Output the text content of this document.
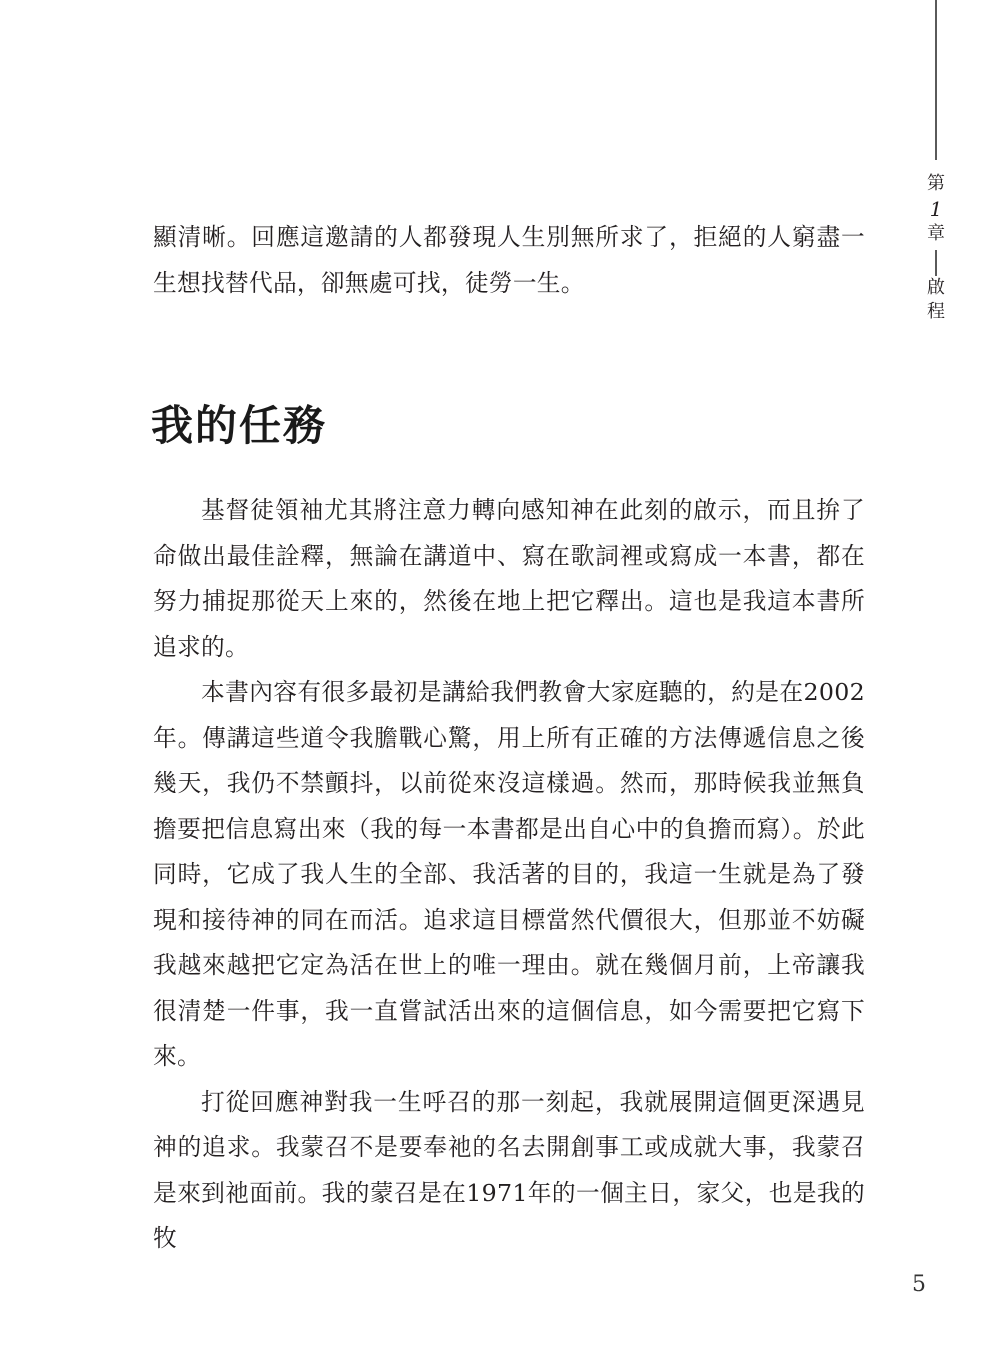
第
1
章
啟
程

顯清晰。回應這邀請的人都發現人生別無所求了，拒絕的人窮盡一生想找替代品，卻無處可找，徒勞一生。

我的任務

基督徒領袖尤其將注意力轉向感知神在此刻的啟示，而且拚了命做出最佳詮釋，無論在講道中、寫在歌詞裡或寫成一本書，都在努力捕捉那從天上來的，然後在地上把它釋出。這也是我這本書所追求的。

本書內容有很多最初是講給我們教會大家庭聽的，約是在2002年。傳講這些道令我膽戰心驚，用上所有正確的方法傳遞信息之後幾天，我仍不禁顫抖，以前從來沒這樣過。然而，那時候我並無負擔要把信息寫出來（我的每一本書都是出自心中的負擔而寫）。於此同時，它成了我人生的全部、我活著的目的，我這一生就是為了發現和接待神的同在而活。追求這目標當然代價很大，但那並不妨礙我越來越把它定為活在世上的唯一理由。就在幾個月前，上帝讓我很清楚一件事，我一直嘗試活出來的這個信息，如今需要把它寫下來。

打從回應神對我一生呼召的那一刻起，我就展開這個更深遇見神的追求。我蒙召不是要奉祂的名去開創事工或成就大事，我蒙召是來到祂面前。我的蒙召是在1971年的一個主日，家父，也是我的牧

5
